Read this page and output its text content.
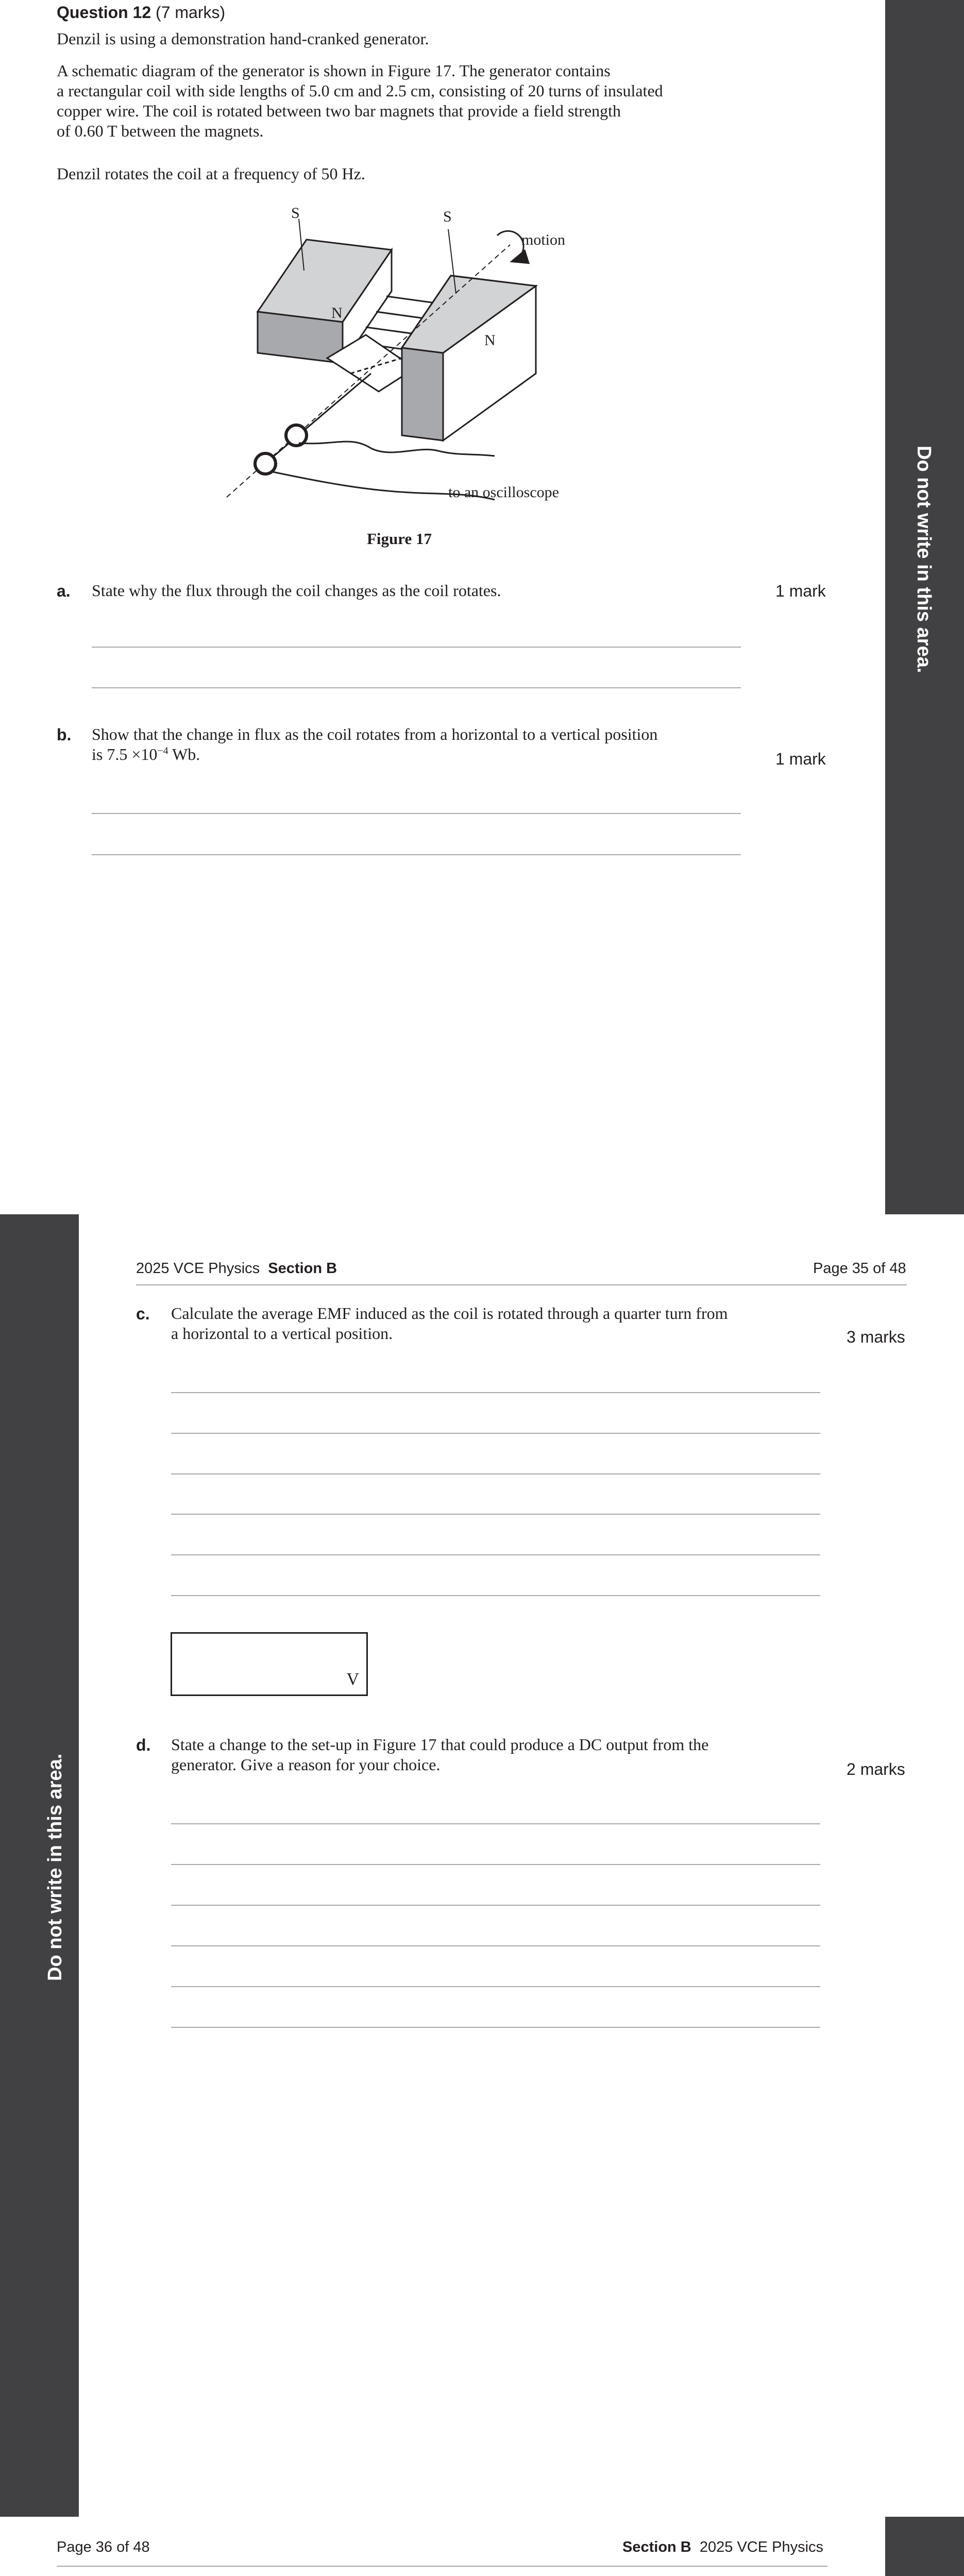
Question 12 (7 marks)
Denzil is using a demonstration hand-cranked generator.
A schematic diagram of the generator is shown in Figure 17. The generator contains
a rectangular coil with side lengths of 5.0 cm and 2.5 cm, consisting of 20 turns of insulated
copper wire. The coil is rotated between two bar magnets that provide a field strength
of 0.60 T between the magnets.
Denzil rotates the coil at a frequency of 50 Hz.
S	S
N
N
motion
to an oscilloscope
Figure 17
a. State why the flux through the coil changes as the coil rotates.	1 mark
b. Show that the change in flux as the coil rotates from a horizontal to a vertical position
is $7.5 \times 10^{-4}$ Wb.	1 mark
2025 VCE Physics Section B	Page 35 of 48
c. Calculate the average EMF induced as the coil is rotated through a quarter turn from
a horizontal to a vertical position.	3 marks
V
d. State a change to the set-up in Figure 17 that could produce a DC output from the
generator. Give a reason for your choice.	2 marks
Do not write in this area.
Page 36 of 48	Section B 2025 VCE Physics
